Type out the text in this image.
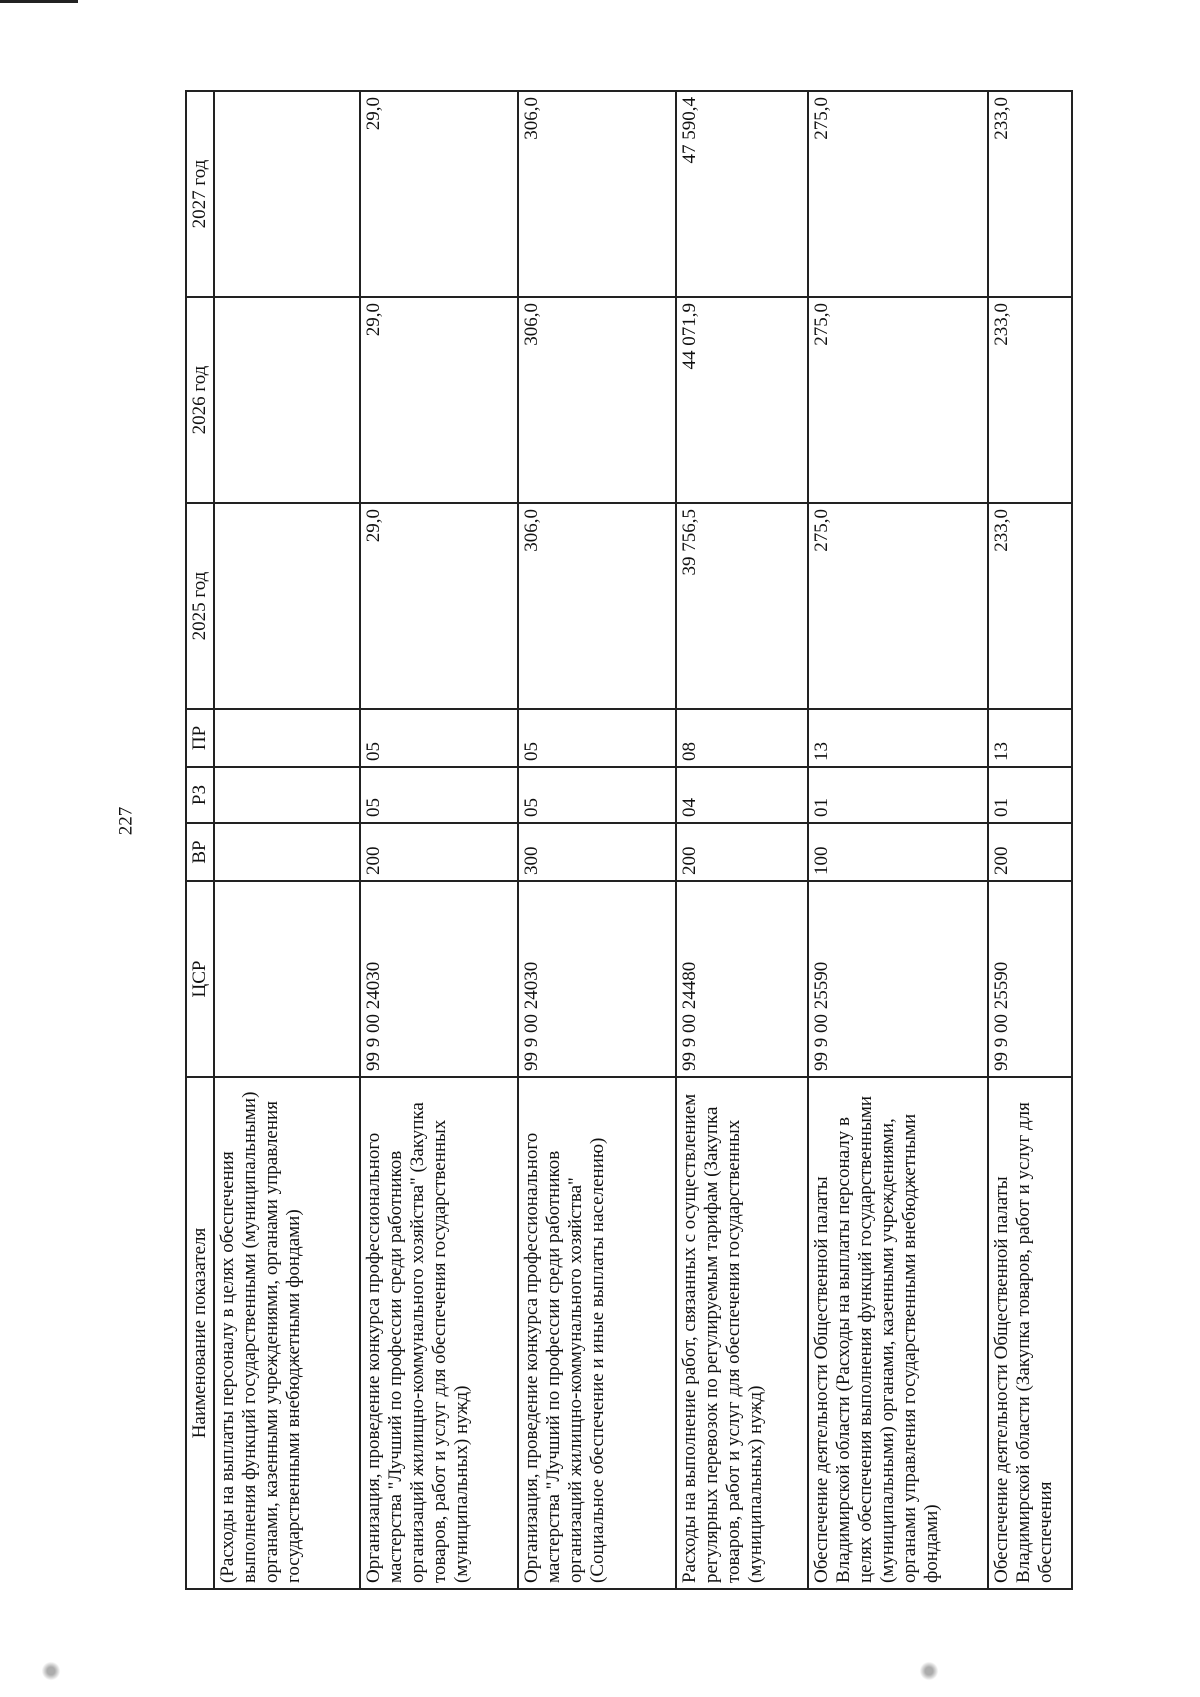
227
Наименование показателя	ЦСР	ВР	РЗ	ПР	2025 год	2026 год	2027 год
(Расходы на выплаты персоналу в целях обеспечения выполнения функций государственными (муниципальными) органами, казенными учреждениями, органами управления государственными внебюджетными фондами)							
Организация, проведение конкурса профессионального мастерства "Лучший по профессии среди работников организаций жилищно-коммунального хозяйства" (Закупка товаров, работ и услуг для обеспечения государственных (муниципальных) нужд)	99 9 00 24030	200	05	05	29,0	29,0	29,0
Организация, проведение конкурса профессионального мастерства "Лучший по профессии среди работников организаций жилищно-коммунального хозяйства" (Социальное обеспечение и иные выплаты населению)	99 9 00 24030	300	05	05	306,0	306,0	306,0
Расходы на выполнение работ, связанных с осуществлением регулярных перевозок по регулируемым тарифам (Закупка товаров, работ и услуг для обеспечения государственных (муниципальных) нужд)	99 9 00 24480	200	04	08	39 756,5	44 071,9	47 590,4
Обеспечение деятельности Общественной палаты Владимирской области (Расходы на выплаты персоналу в целях обеспечения выполнения функций государственными (муниципальными) органами, казенными учреждениями, органами управления государственными внебюджетными фондами)	99 9 00 25590	100	01	13	275,0	275,0	275,0
Обеспечение деятельности Общественной палаты Владимирской области (Закупка товаров, работ и услуг для обеспечения	99 9 00 25590	200	01	13	233,0	233,0	233,0
